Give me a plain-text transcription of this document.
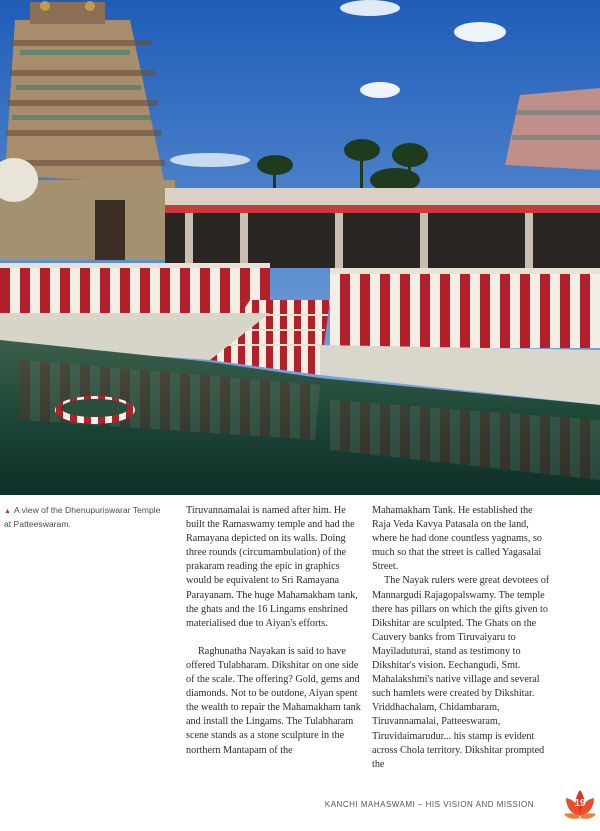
▲ A view of the Dhenupuriswarar Temple at Patteeswaram.

Tiruvannamalai is named after him. He built the Ramaswamy temple and had the Ramayana depicted on its walls. Doing three rounds (circumambulation) of the prakaram reading the epic in graphics would be equivalent to Sri Ramayana Parayanam. The huge Mahamakham tank, the ghats and the 16 Lingams enshrined materialised due to Aiyan's efforts.

Raghunatha Nayakan is said to have offered Tulabharam. Dikshitar on one side of the scale. The offering? Gold, gems and diamonds. Not to be outdone, Aiyan spent the wealth to repair the Mahamakham tank and install the Lingams. The Tulabharam scene stands as a stone sculpture in the northern Mantapam of the

Mahamakham Tank. He established the Raja Veda Kavya Patasala on the land, where he had done countless yagnams, so much so that the street is called Yagasalai Street.

The Nayak rulers were great devotees of Mannargudi Rajagopalswamy. The temple there has pillars on which the gifts given to Dikshitar are sculpted. The Ghats on the Cauvery banks from Tiruvaiyaru to Mayiladuturai, stand as testimony to Dikshitar's vision. Eechangudi, Smt. Mahalakshmi's native village and several such hamlets were created by Dikshitar. Vriddhachalam, Chidambaram, Tiruvannamalai, Patteeswaram, Tiruvidaimarudur... his stamp is evident across Chola territory. Dikshitar prompted the

KANCHI MAHASWAMI – HIS VISION AND MISSION	19
